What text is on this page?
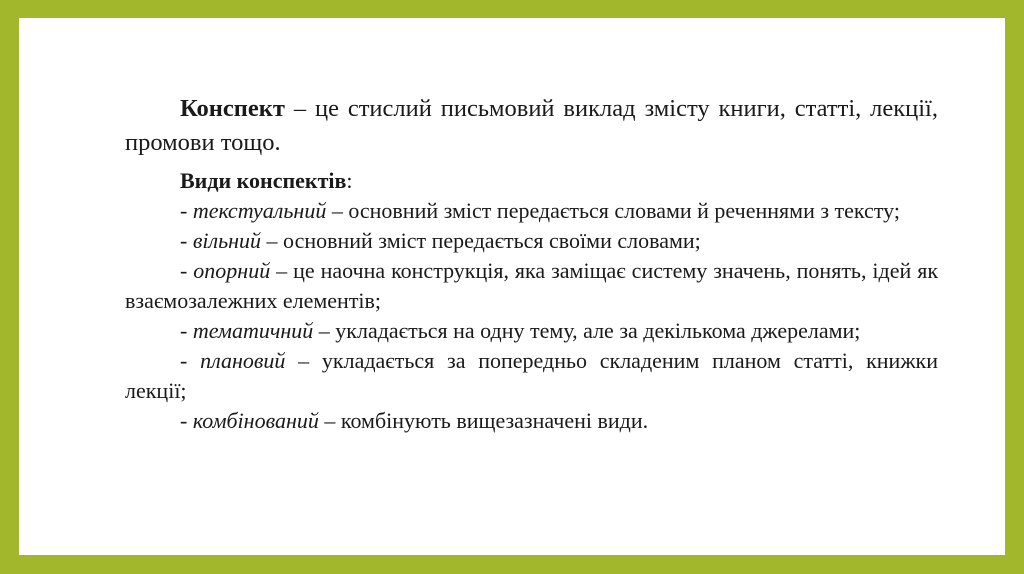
Конспект – це стислий письмовий виклад змісту книги, статті, лекції, промови тощо.

Види конспектів:

- текстуальний – основний зміст передається словами й реченнями з тексту;

- вільний – основний зміст передається своїми словами;

- опорний – це наочна конструкція, яка заміщає систему значень, понять, ідей як взаємозалежних елементів;

- тематичний – укладається на одну тему, але за декількома джерелами;

- плановий – укладається за попередньо складеним планом статті, книжки лекції;

- комбінований – комбінують вищезазначені види.
